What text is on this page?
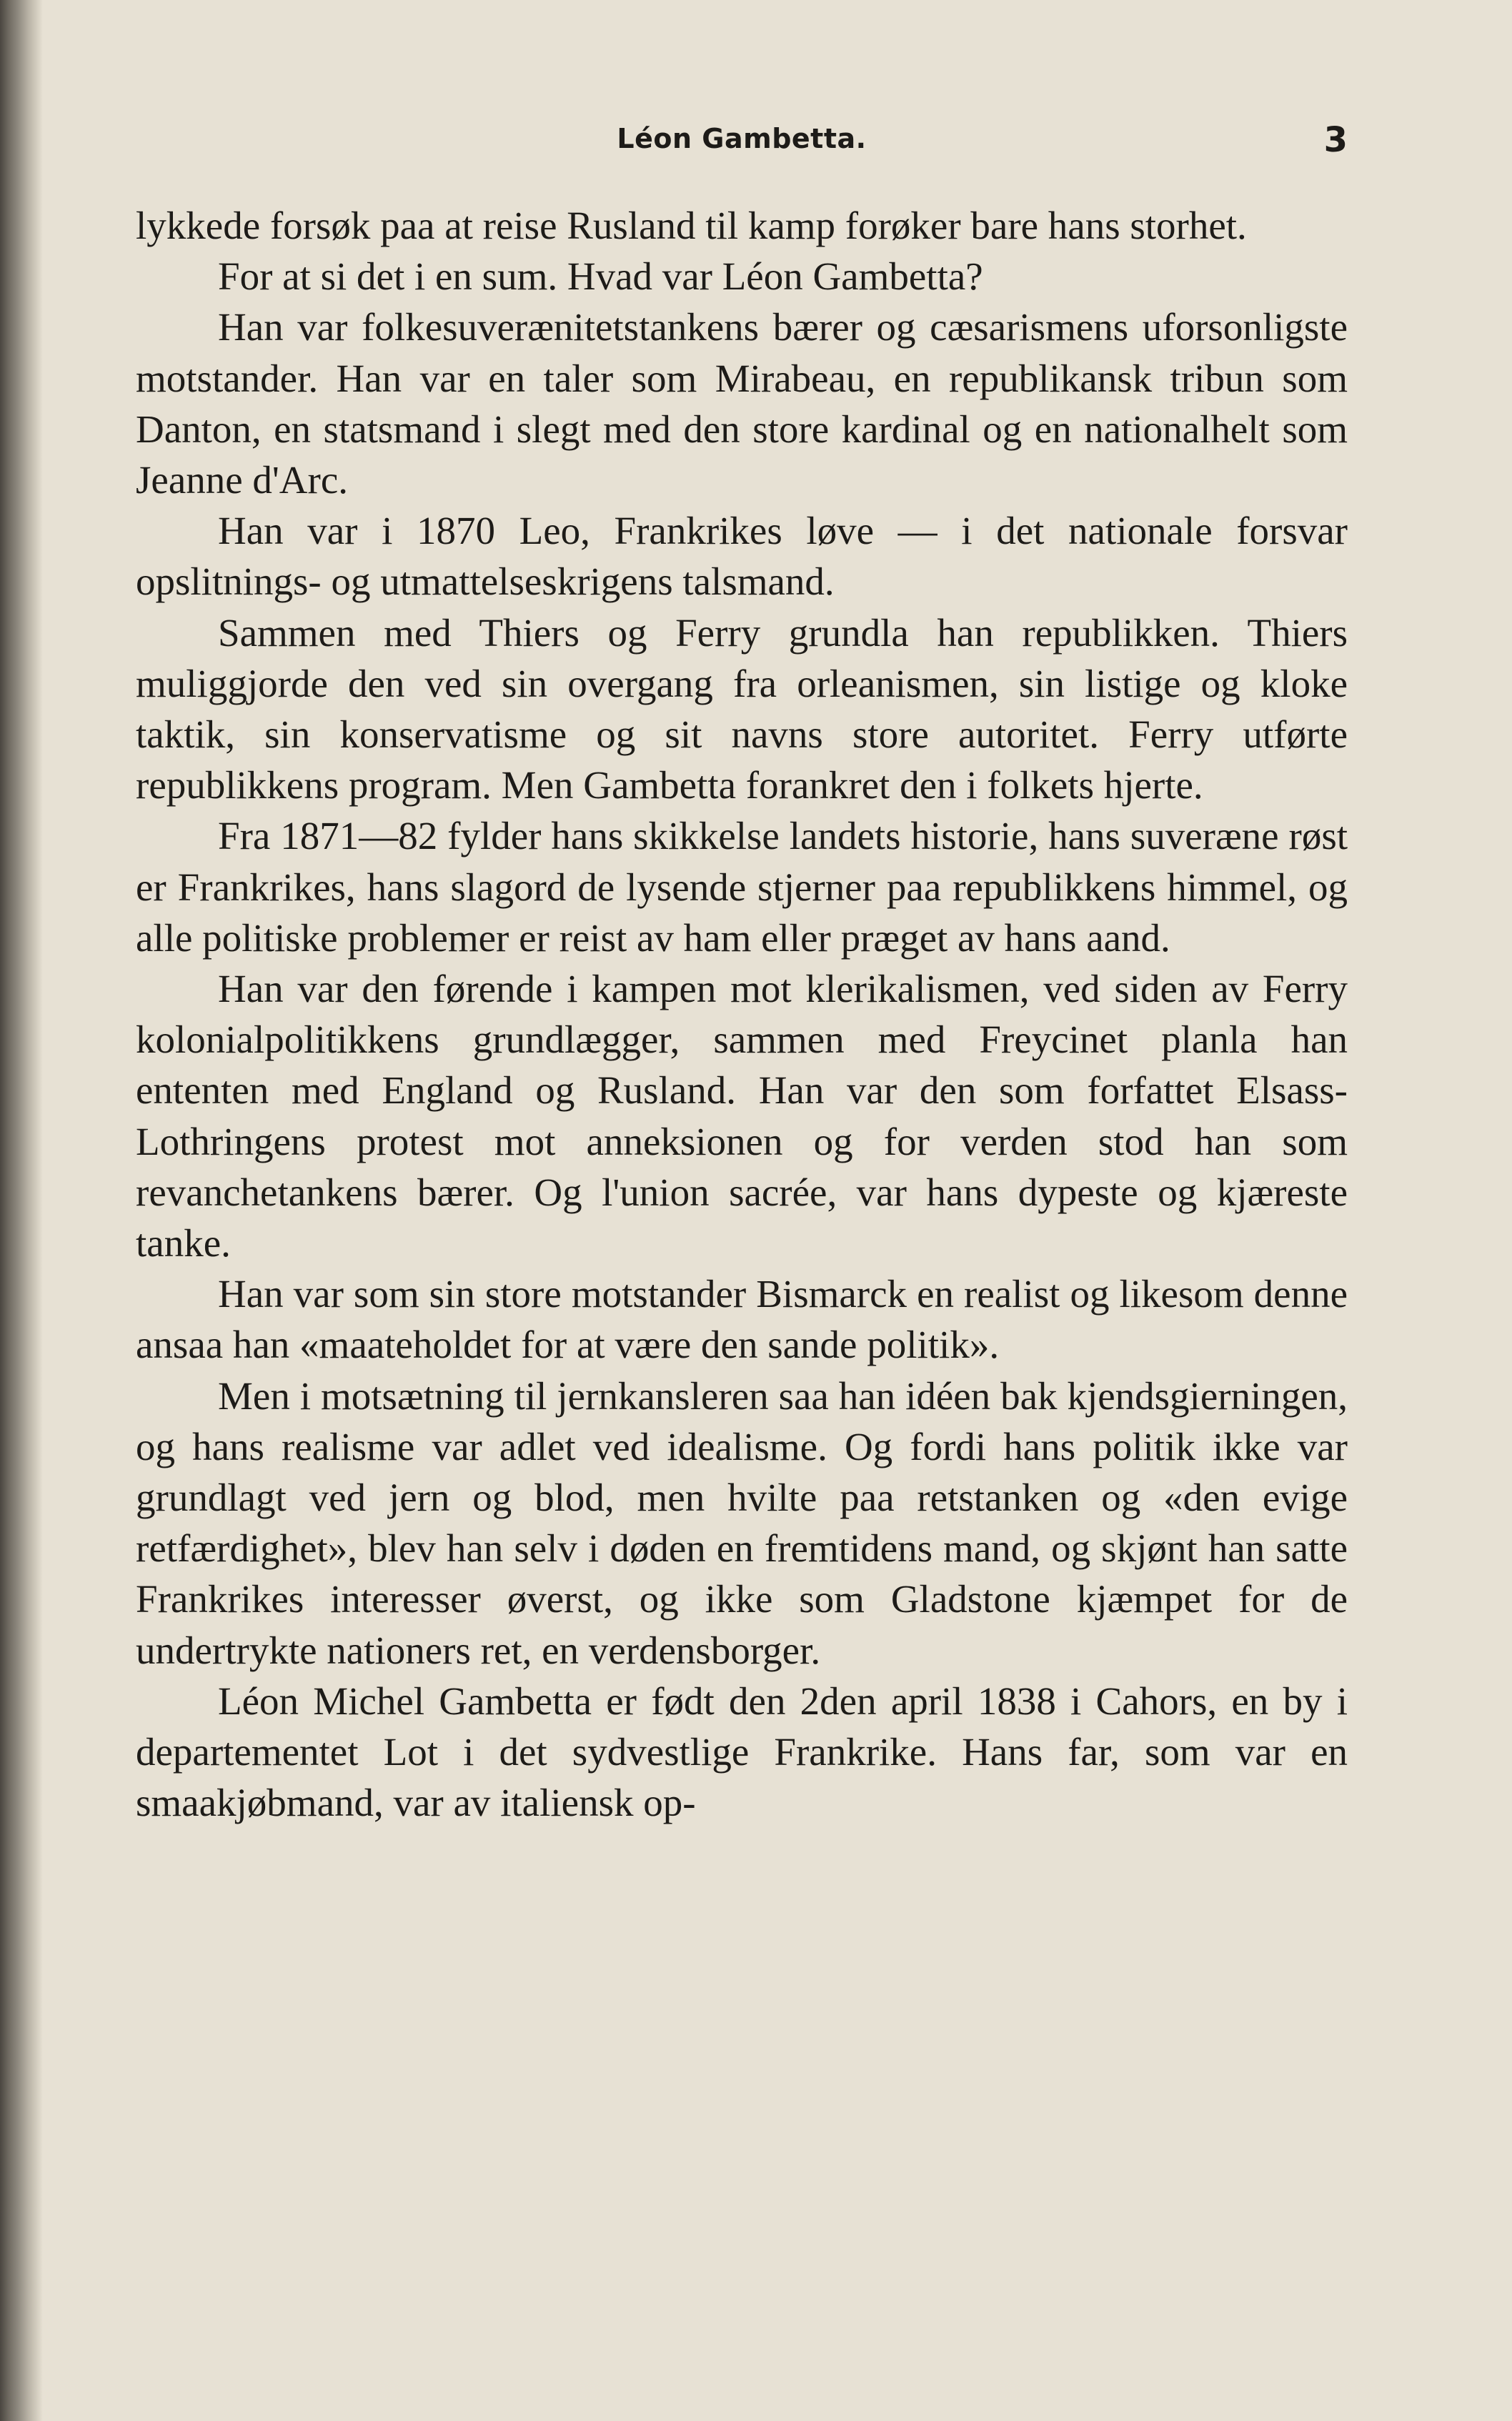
Léon Gambetta.	3

lykkede forsøk paa at reise Rusland til kamp forøker bare hans storhet.

For at si det i en sum. Hvad var Léon Gambetta?

Han var folkesuverænitetstankens bærer og cæsarismens uforsonligste motstander. Han var en taler som Mirabeau, en republikansk tribun som Danton, en statsmand i slegt med den store kardinal og en nationalhelt som Jeanne d'Arc.

Han var i 1870 Leo, Frankrikes løve — i det nationale forsvar opslitnings- og utmattelseskrigens talsmand.

Sammen med Thiers og Ferry grundla han republikken. Thiers muliggjorde den ved sin overgang fra orleanismen, sin listige og kloke taktik, sin konservatisme og sit navns store autoritet. Ferry utførte republikkens program. Men Gambetta forankret den i folkets hjerte.

Fra 1871—82 fylder hans skikkelse landets historie, hans suveræne røst er Frankrikes, hans slagord de lysende stjerner paa republikkens himmel, og alle politiske problemer er reist av ham eller præget av hans aand.

Han var den førende i kampen mot klerikalismen, ved siden av Ferry kolonialpolitikkens grundlægger, sammen med Freycinet planla han ententen med England og Rusland. Han var den som forfattet Elsass-Lothringens protest mot anneksionen og for verden stod han som revanchetankens bærer. Og l'union sacrée, var hans dypeste og kjæreste tanke.

Han var som sin store motstander Bismarck en realist og likesom denne ansaa han «maateholdet for at være den sande politik».

Men i motsætning til jernkansleren saa han idéen bak kjendsgierningen, og hans realisme var adlet ved idealisme. Og fordi hans politik ikke var grundlagt ved jern og blod, men hvilte paa retstanken og «den evige retfærdighet», blev han selv i døden en fremtidens mand, og skjønt han satte Frankrikes interesser øverst, og ikke som Gladstone kjæmpet for de undertrykte nationers ret, en verdensborger.

Léon Michel Gambetta er født den 2den april 1838 i Cahors, en by i departementet Lot i det sydvestlige Frankrike. Hans far, som var en smaakjøbmand, var av italiensk op-
